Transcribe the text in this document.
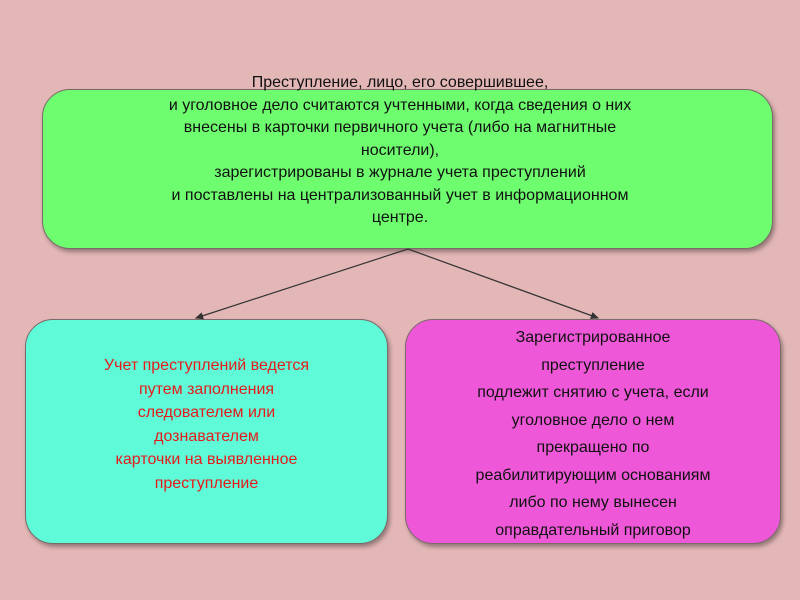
Преступление, лицо, его совершившее,
и уголовное дело считаются учтенными, когда сведения о них
внесены в карточки первичного учета (либо на магнитные
носители),
зарегистрированы в журнале учета преступлений
и поставлены на централизованный учет в информационном
центре.
Учет преступлений ведется
путем заполнения
следователем или
дознавателем
карточки на выявленное
преступление
Зарегистрированное
преступление
подлежит снятию с учета, если
уголовное дело о нем
прекращено по
реабилитирующим основаниям
либо по нему вынесен
оправдательный приговор
